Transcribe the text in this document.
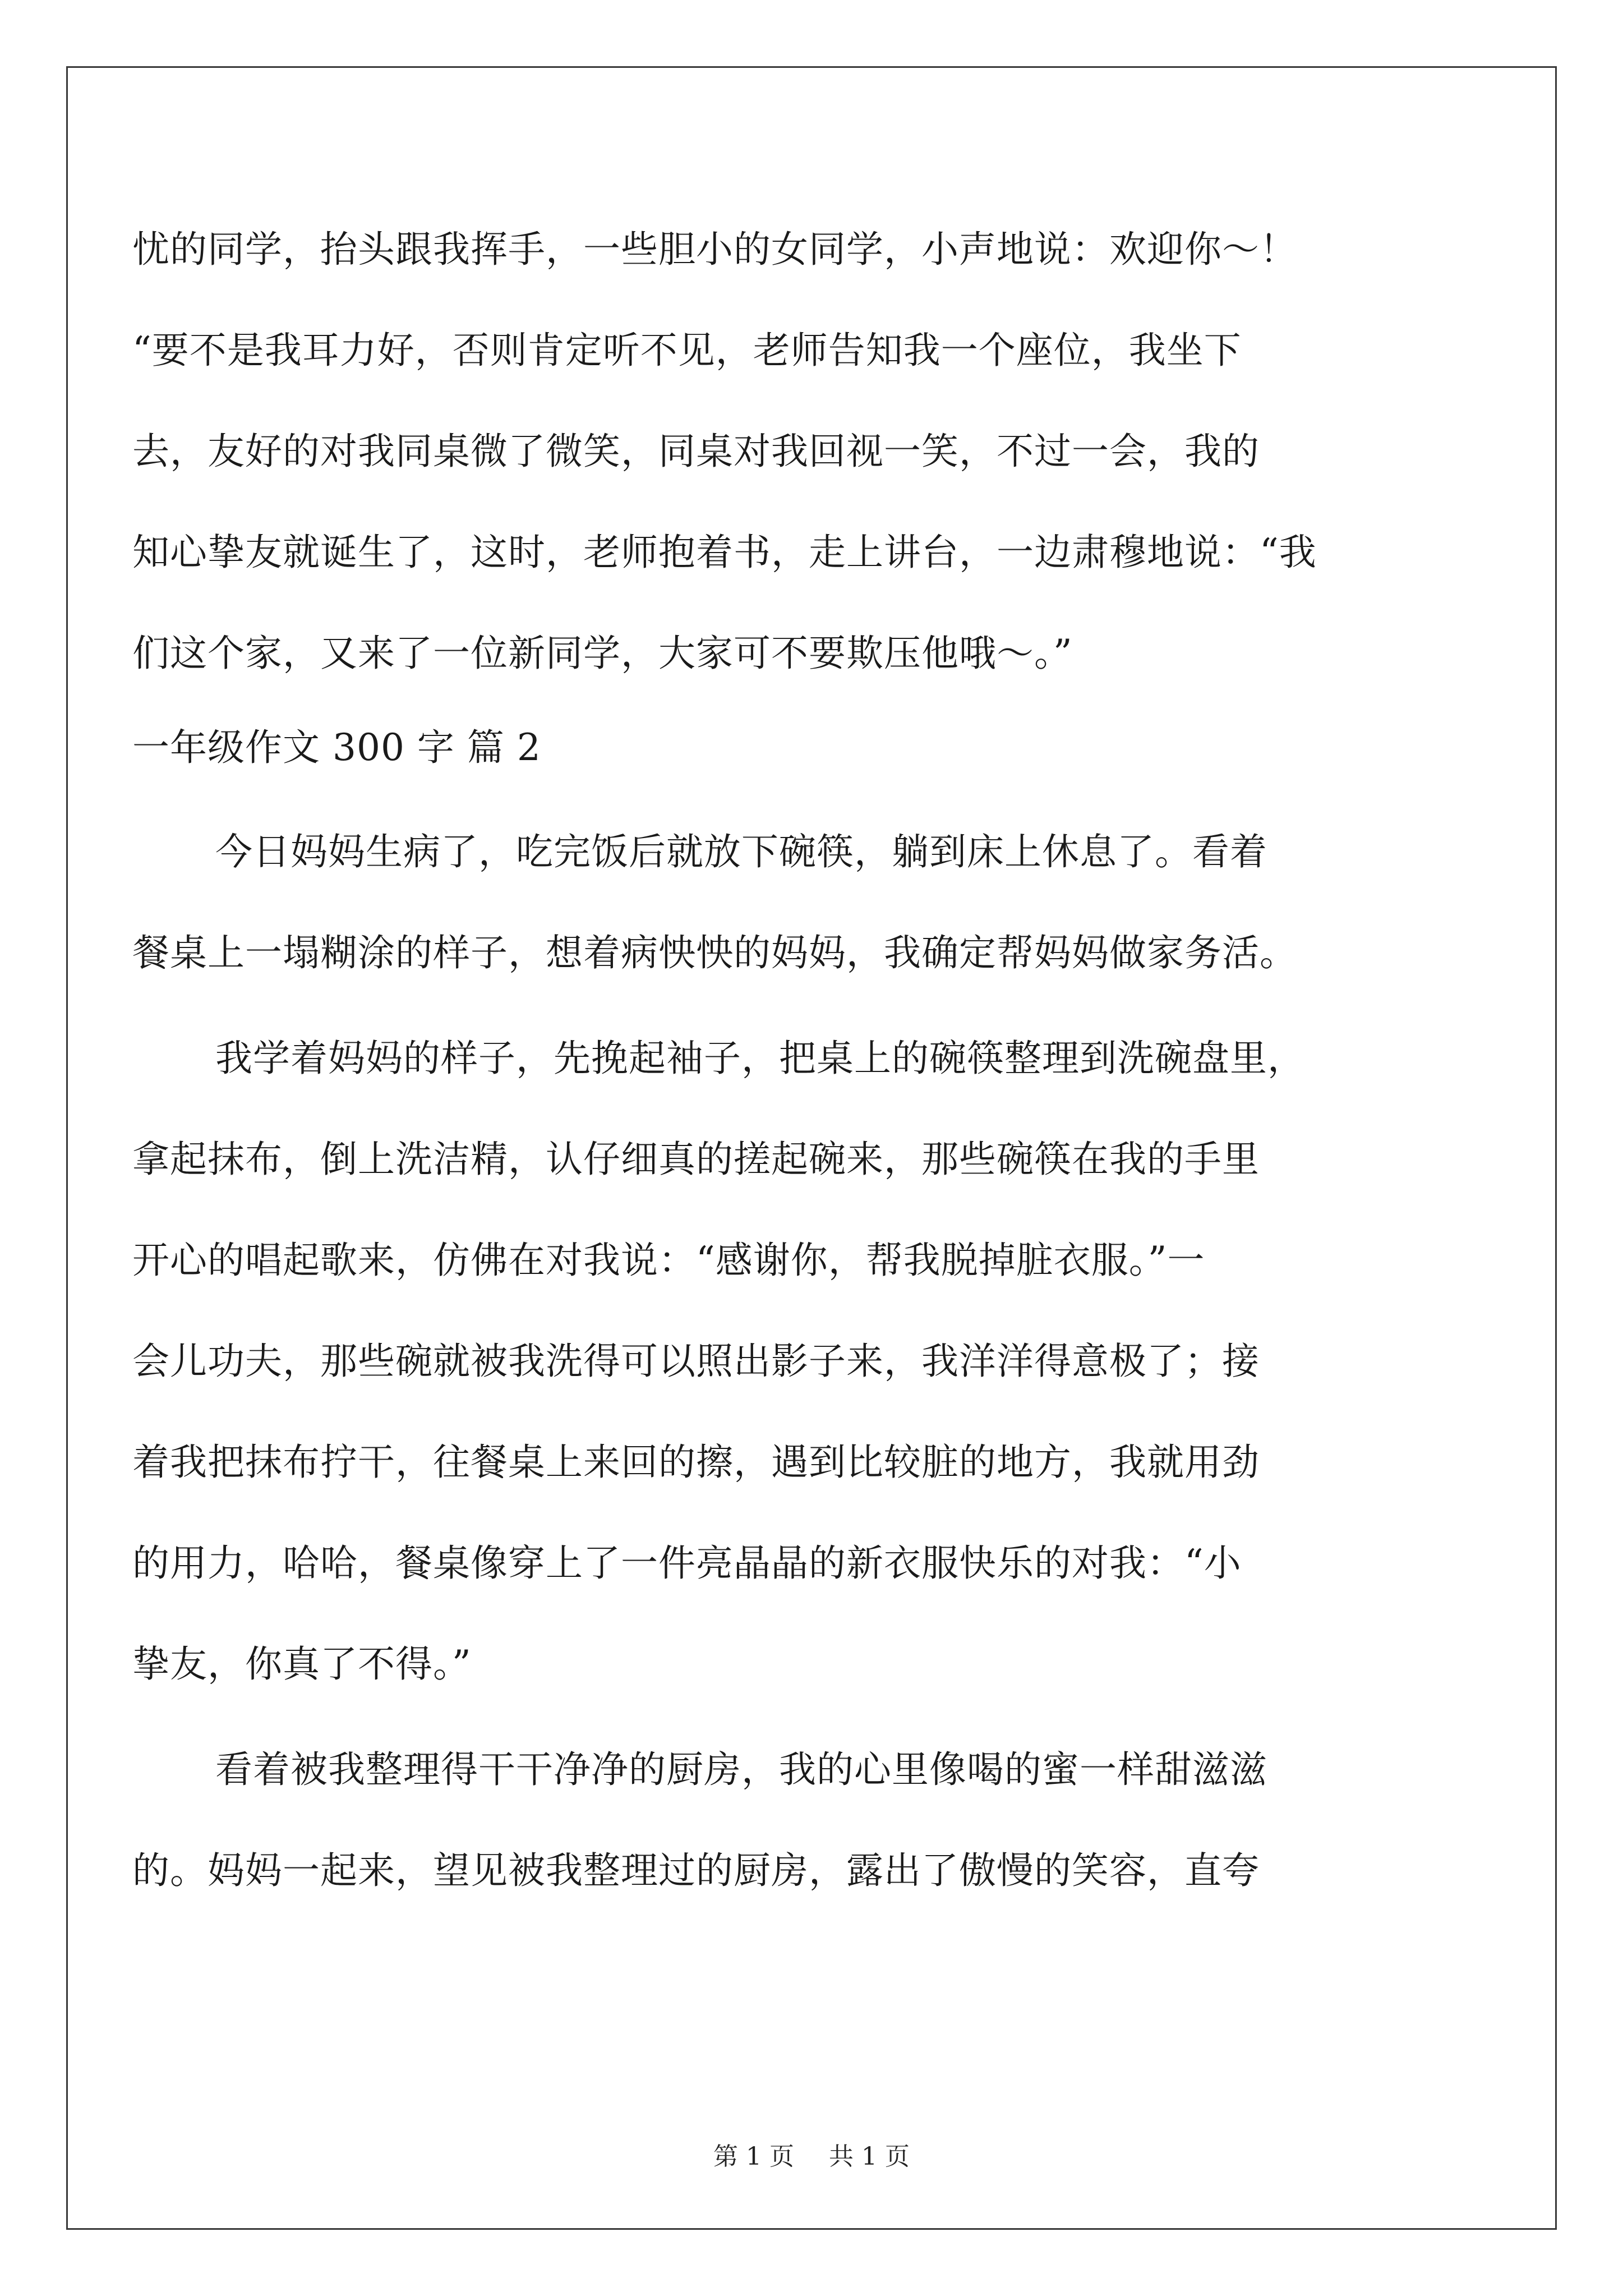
忧的同学，抬头跟我挥手，一些胆小的女同学，小声地说：欢迎你～！
“要不是我耳力好，否则肯定听不见，老师告知我一个座位，我坐下
去，友好的对我同桌微了微笑，同桌对我回视一笑，不过一会，我的
知心挚友就诞生了，这时，老师抱着书，走上讲台，一边肃穆地说：“我
们这个家，又来了一位新同学，大家可不要欺压他哦～。”
一年级作文 300 字 篇 2
今日妈妈生病了，吃完饭后就放下碗筷，躺到床上休息了。看着
餐桌上一塌糊涂的样子，想着病怏怏的妈妈，我确定帮妈妈做家务活。
我学着妈妈的样子，先挽起袖子，把桌上的碗筷整理到洗碗盘里，
拿起抹布，倒上洗洁精，认仔细真的搓起碗来，那些碗筷在我的手里
开心的唱起歌来，仿佛在对我说：“感谢你，帮我脱掉脏衣服。”一
会儿功夫，那些碗就被我洗得可以照出影子来，我洋洋得意极了；接
着我把抹布拧干，往餐桌上来回的擦，遇到比较脏的地方，我就用劲
的用力，哈哈，餐桌像穿上了一件亮晶晶的新衣服快乐的对我：“小
挚友，你真了不得。”
看着被我整理得干干净净的厨房，我的心里像喝的蜜一样甜滋滋
的。妈妈一起来，望见被我整理过的厨房，露出了傲慢的笑容，直夸
第 1 页 共 1 页
